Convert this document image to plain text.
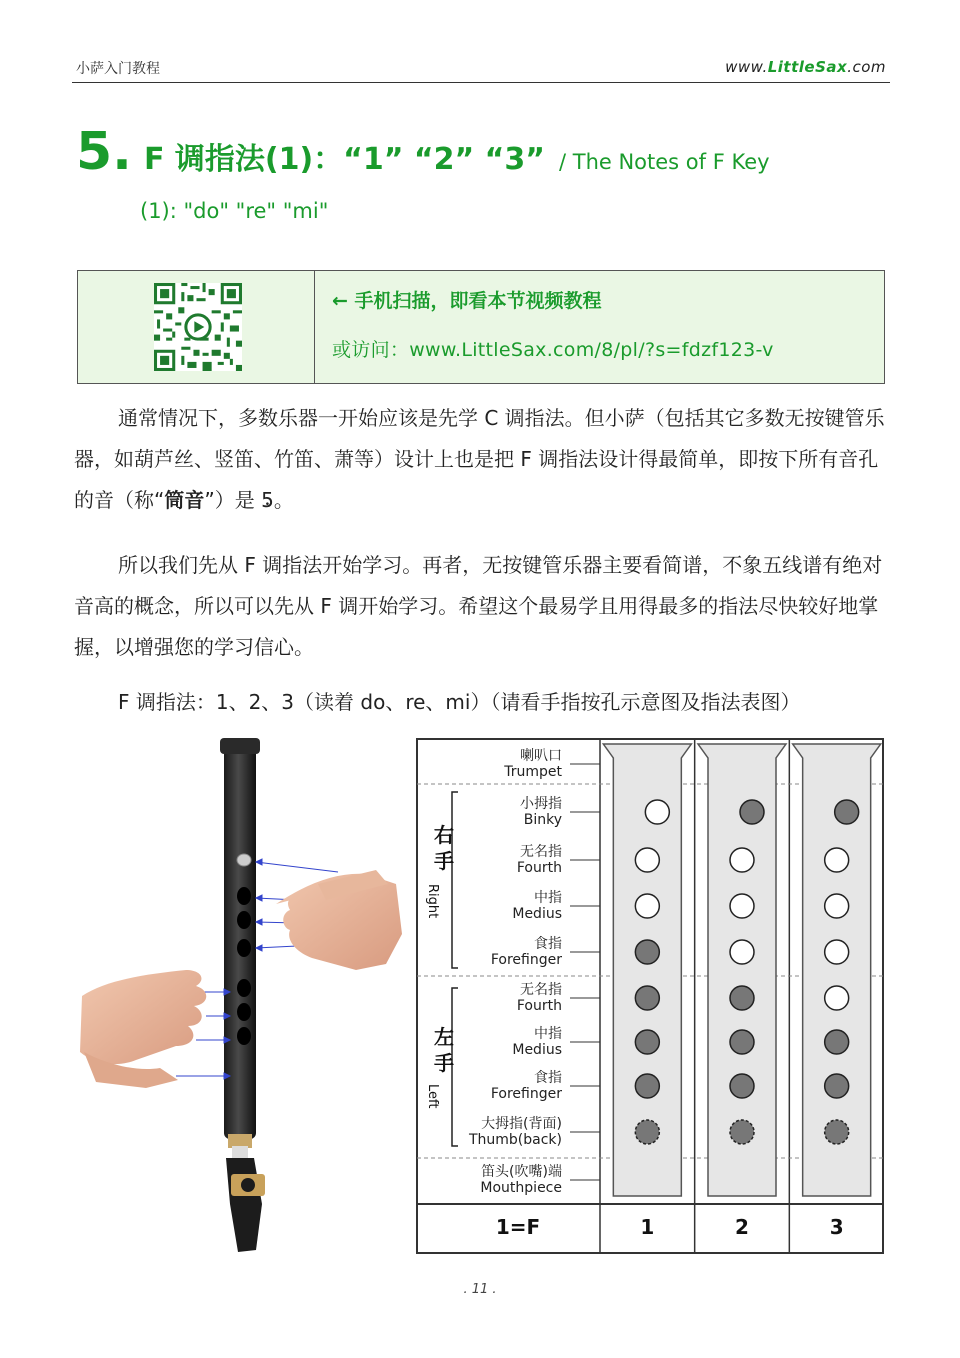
小萨入门教程	www.LittleSax.com
5. F 调指法(1)：“1” “2” “3” / The Notes of F Key
(1): "do" "re" "mi"
← 手机扫描，即看本节视频教程
或访问：www.LittleSax.com/8/pl/?s=fdzf123-v
通常情况下，多数乐器一开始应该是先学 C 调指法。但小萨（包括其它多数无按键管乐器，如葫芦丝、竖笛、竹笛、萧等）设计上也是把 F 调指法设计得最简单，即按下所有音孔的音（称“筒音”）是 5 •。
所以我们先从 F 调指法开始学习。再者，无按键管乐器主要看简谱，不象五线谱有绝对音高的概念，所以可以先从 F 调开始学习。希望这个最易学且用得最多的指法尽快较好地掌握，以增强您的学习信心。
F 调指法：1、2、3（读着 do、re、mi）（请看手指按孔示意图及指法表图）
喇叭口
Trumpet
小拇指
Binky
无名指
Fourth
中指
Medius
食指
Forefinger
无名指
Fourth
中指
Medius
食指
Forefinger
大拇指(背面)
Thumb(back)
笛头(吹嘴)端
Mouthpiece
右
手
Right
左
手
Left
1=F	1	2	3
. 11 .
